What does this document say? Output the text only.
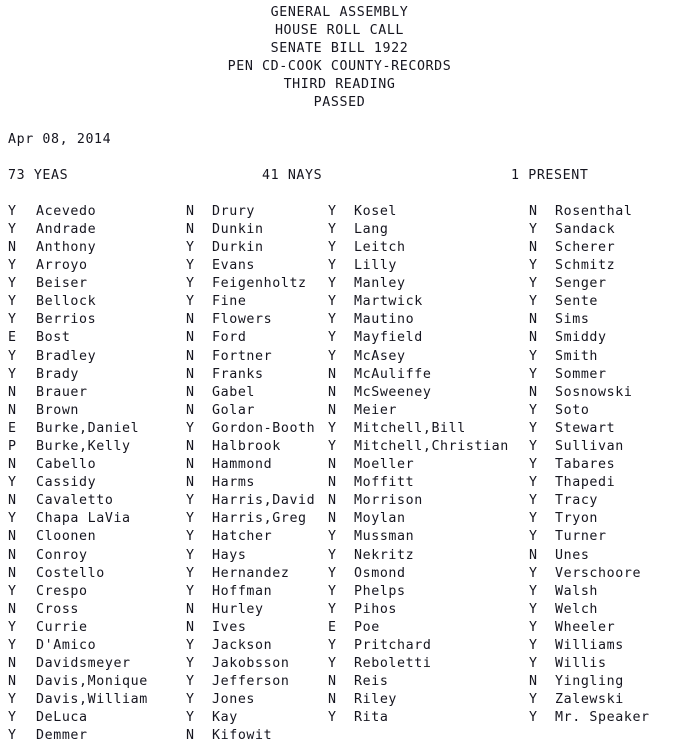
GENERAL ASSEMBLY
HOUSE ROLL CALL
SENATE BILL 1922
PEN CD-COOK COUNTY-RECORDS
THIRD READING
PASSED
Apr 08, 2014
73 YEAS	41 NAYS	1 PRESENT
Y	Acevedo	N	Drury	Y	Kosel	N	Rosenthal
Y	Andrade	N	Dunkin	Y	Lang	Y	Sandack
N	Anthony	Y	Durkin	Y	Leitch	N	Scherer
Y	Arroyo	Y	Evans	Y	Lilly	Y	Schmitz
Y	Beiser	Y	Feigenholtz Y	Manley	Y	Senger
Y	Bellock	Y	Fine	Y	Martwick	Y	Sente
Y	Berrios	N	Flowers	Y	Mautino	N	Sims
E	Bost	N	Ford	Y	Mayfield	N	Smiddy
Y	Bradley	N	Fortner	Y	McAsey	Y	Smith
Y	Brady	N	Franks	N	McAuliffe	Y	Sommer
N	Brauer	N	Gabel	N	McSweeney	N	Sosnowski
N	Brown	N	Golar	N	Meier	Y	Soto
E	Burke,Daniel	Y	Gordon-Booth Y	Mitchell,Bill	Y	Stewart
P	Burke,Kelly	N	Halbrook	Y	Mitchell,Christian Y	Sullivan
N	Cabello	N	Hammond	N	Moeller	Y	Tabares
Y	Cassidy	N	Harms	N	Moffitt	Y	Thapedi
N	Cavaletto	Y	Harris,David N	Morrison	Y	Tracy
Y	Chapa LaVia	Y	Harris,Greg N	Moylan	Y	Tryon
N	Cloonen	Y	Hatcher	Y	Mussman	Y	Turner
N	Conroy	Y	Hays	Y	Nekritz	N	Unes
N	Costello	Y	Hernandez	Y	Osmond	Y	Verschoore
Y	Crespo	Y	Hoffman	Y	Phelps	Y	Walsh
N	Cross	N	Hurley	Y	Pihos	Y	Welch
Y	Currie	N	Ives	E	Poe	Y	Wheeler
Y	D'Amico	Y	Jackson	Y	Pritchard	Y	Williams
N	Davidsmeyer	Y	Jakobsson	Y	Reboletti	Y	Willis
N	Davis,Monique	Y	Jefferson	N	Reis	N	Yingling
Y	Davis,William	Y	Jones	N	Riley	Y	Zalewski
Y	DeLuca	Y	Kay	Y	Rita	Y	Mr. Speaker
Y	Demmer	N	Kifowit
